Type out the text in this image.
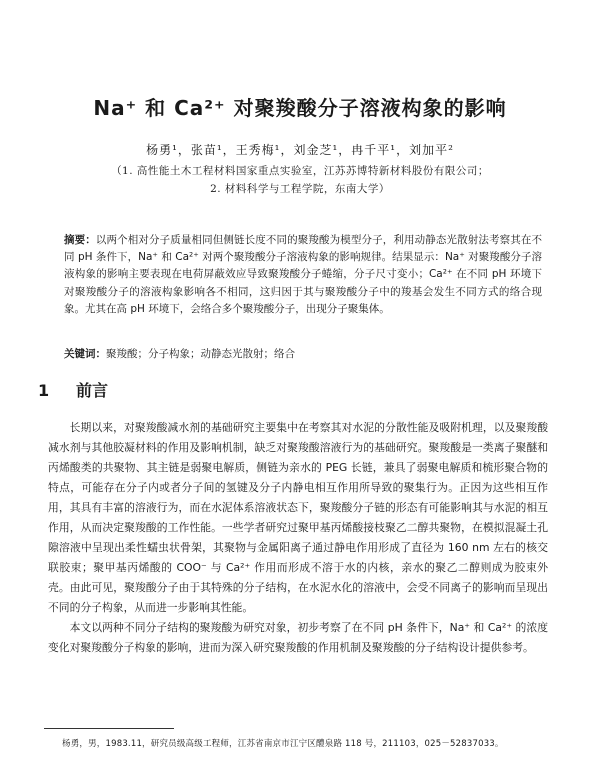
Na⁺ 和 Ca²⁺ 对聚羧酸分子溶液构象的影响
杨勇¹，张苗¹，王秀梅¹，刘金芝¹，冉千平¹，刘加平²
（1. 高性能土木工程材料国家重点实验室，江苏苏博特新材料股份有限公司；
2. 材料科学与工程学院，东南大学）
摘要：以两个相对分子质量相同但侧链长度不同的聚羧酸为模型分子，利用动静态光散射法考察其在不同 pH 条件下，Na⁺ 和 Ca²⁺ 对两个聚羧酸分子溶液构象的影响规律。结果显示：Na⁺ 对聚羧酸分子溶液构象的影响主要表现在电荷屏蔽效应导致聚羧酸分子蜷缩，分子尺寸变小；Ca²⁺ 在不同 pH 环境下对聚羧酸分子的溶液构象影响各不相同，这归因于其与聚羧酸分子中的羧基会发生不同方式的络合现象。尤其在高 pH 环境下，会络合多个聚羧酸分子，出现分子聚集体。
关键词：聚羧酸；分子构象；动静态光散射；络合
1 前言

长期以来，对聚羧酸减水剂的基础研究主要集中在考察其对水泥的分散性能及吸附机理，以及聚羧酸减水剂与其他胶凝材料的作用及影响机制，缺乏对聚羧酸溶液行为的基础研究。聚羧酸是一类离子聚醚和丙烯酸类的共聚物、其主链是弱聚电解质，侧链为亲水的 PEG 长链，兼具了弱聚电解质和梳形聚合物的特点，可能存在分子内或者分子间的氢键及分子内静电相互作用所导致的聚集行为。正因为这些相互作用，其具有丰富的溶液行为，而在水泥体系溶液状态下，聚羧酸分子链的形态有可能影响其与水泥的相互作用，从而决定聚羧酸的工作性能。一些学者研究过聚甲基丙烯酸接枝聚乙二醇共聚物，在模拟混凝土孔隙溶液中呈现出柔性蠕虫状骨架，其聚物与金属阳离子通过静电作用形成了直径为 160 nm 左右的核交联胶束；聚甲基丙烯酸的 COO⁻ 与 Ca²⁺ 作用而形成不溶于水的内核，亲水的聚乙二醇则成为胶束外壳。由此可见，聚羧酸分子由于其特殊的分子结构，在水泥水化的溶液中，会受不同离子的影响而呈现出不同的分子构象，从而进一步影响其性能。

本文以两种不同分子结构的聚羧酸为研究对象，初步考察了在不同 pH 条件下，Na⁺ 和 Ca²⁺ 的浓度变化对聚羧酸分子构象的影响，进而为深入研究聚羧酸的作用机制及聚羧酸的分子结构设计提供参考。

杨勇，男，1983.11，研究员级高级工程师，江苏省南京市江宁区醴泉路 118 号，211103，025－52837033。
